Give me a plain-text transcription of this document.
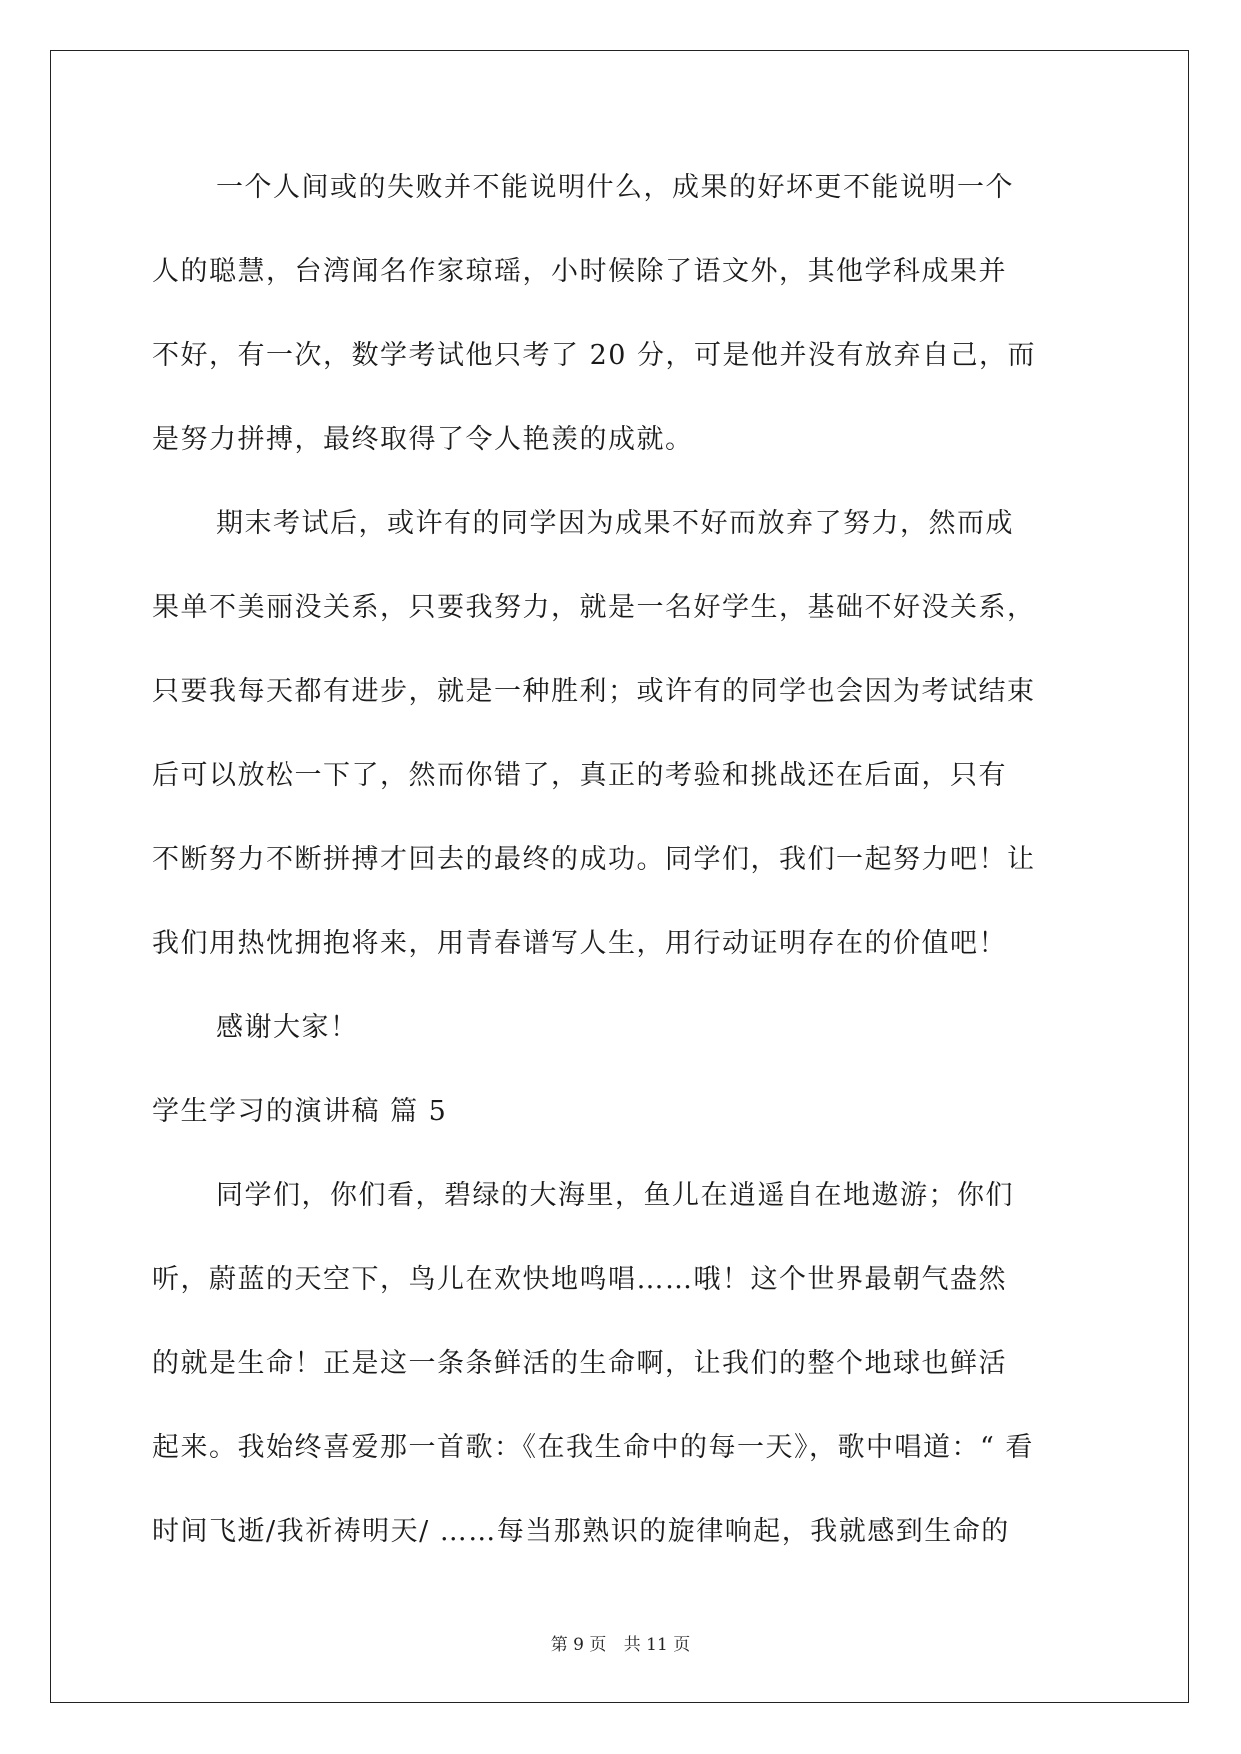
一个人间或的失败并不能说明什么，成果的好坏更不能说明一个
人的聪慧，台湾闻名作家琼瑶，小时候除了语文外，其他学科成果并
不好，有一次，数学考试他只考了 20 分，可是他并没有放弃自己，而
是努力拼搏，最终取得了令人艳羡的成就。
期末考试后，或许有的同学因为成果不好而放弃了努力，然而成
果单不美丽没关系，只要我努力，就是一名好学生，基础不好没关系，
只要我每天都有进步，就是一种胜利；或许有的同学也会因为考试结束
后可以放松一下了，然而你错了，真正的考验和挑战还在后面，只有
不断努力不断拼搏才回去的最终的成功。同学们，我们一起努力吧！让
我们用热忱拥抱将来，用青春谱写人生，用行动证明存在的价值吧！
感谢大家！
学生学习的演讲稿 篇 5
同学们，你们看，碧绿的大海里，鱼儿在逍遥自在地遨游；你们
听，蔚蓝的天空下，鸟儿在欢快地鸣唱……哦！这个世界最朝气盎然
的就是生命！正是这一条条鲜活的生命啊，让我们的整个地球也鲜活
起来。我始终喜爱那一首歌：《在我生命中的每一天》，歌中唱道：“ 看
时间飞逝/我祈祷明天/ ……每当那熟识的旋律响起，我就感到生命的
第 9 页 共 11 页
